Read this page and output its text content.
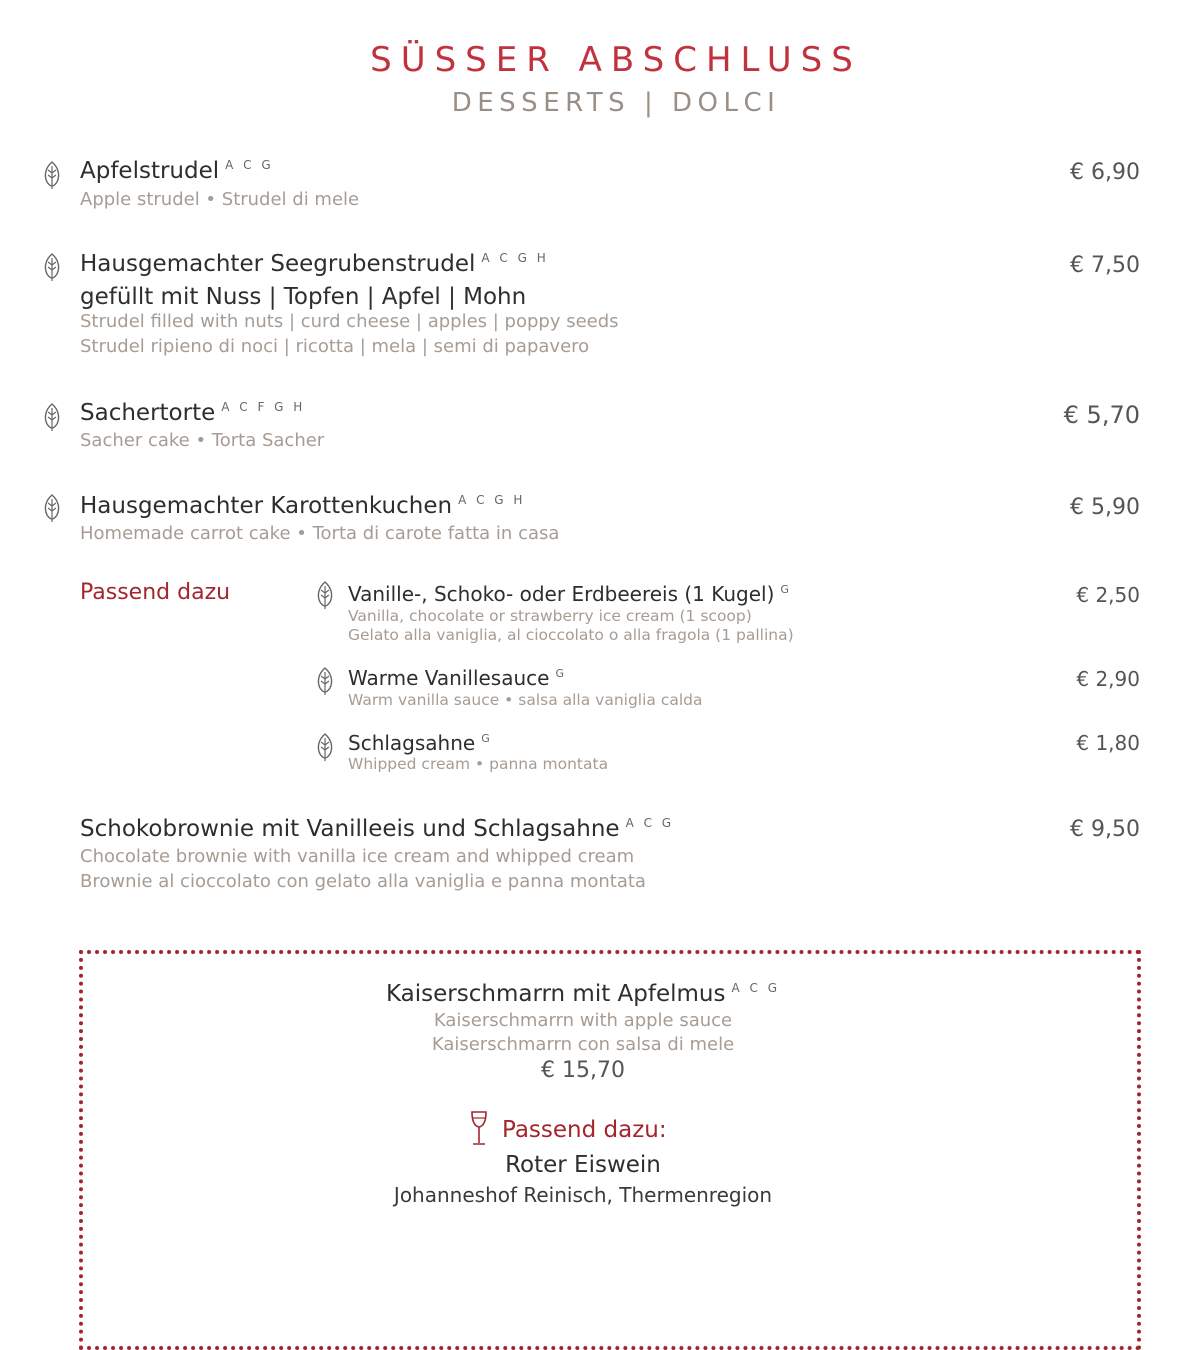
SÜSSER ABSCHLUSS
DESSERTS | DOLCI
Apfelstrudel $^{A C G}$
Apple strudel • Strudel di mele
€ 6,90
Hausgemachter Seegrubenstrudel $^{A C G H}$
gefüllt mit Nuss | Topfen | Apfel | Mohn
Strudel filled with nuts | curd cheese | apples | poppy seeds
Strudel ripieno di noci | ricotta | mela | semi di papavero
€ 7,50
Sachertorte $^{A C F G H}$
Sacher cake • Torta Sacher
€ 5,70
Hausgemachter Karottenkuchen $^{A C G H}$
Homemade carrot cake • Torta di carote fatta in casa
€ 5,90
Passend dazu	Vanille-, Schoko- oder Erdbeereis (1 Kugel) $^G$
Vanilla, chocolate or strawberry ice cream (1 scoop)
Gelato alla vaniglia, al cioccolato o alla fragola (1 pallina)
€ 2,50
Warme Vanillesauce $^G$
Warm vanilla sauce • salsa alla vaniglia calda
€ 2,90
Schlagsahne $^G$
Whipped cream • panna montata
€ 1,80
Schokobrownie mit Vanilleeis und Schlagsahne $^{A C G}$
Chocolate brownie with vanilla ice cream and whipped cream
Brownie al cioccolato con gelato alla vaniglia e panna montata
€ 9,50
Kaiserschmarrn mit Apfelmus $^{A C G}$
Kaiserschmarrn with apple sauce
Kaiserschmarrn con salsa di mele
€ 15,70
Passend dazu:
Roter Eiswein
Johanneshof Reinisch, Thermenregion
